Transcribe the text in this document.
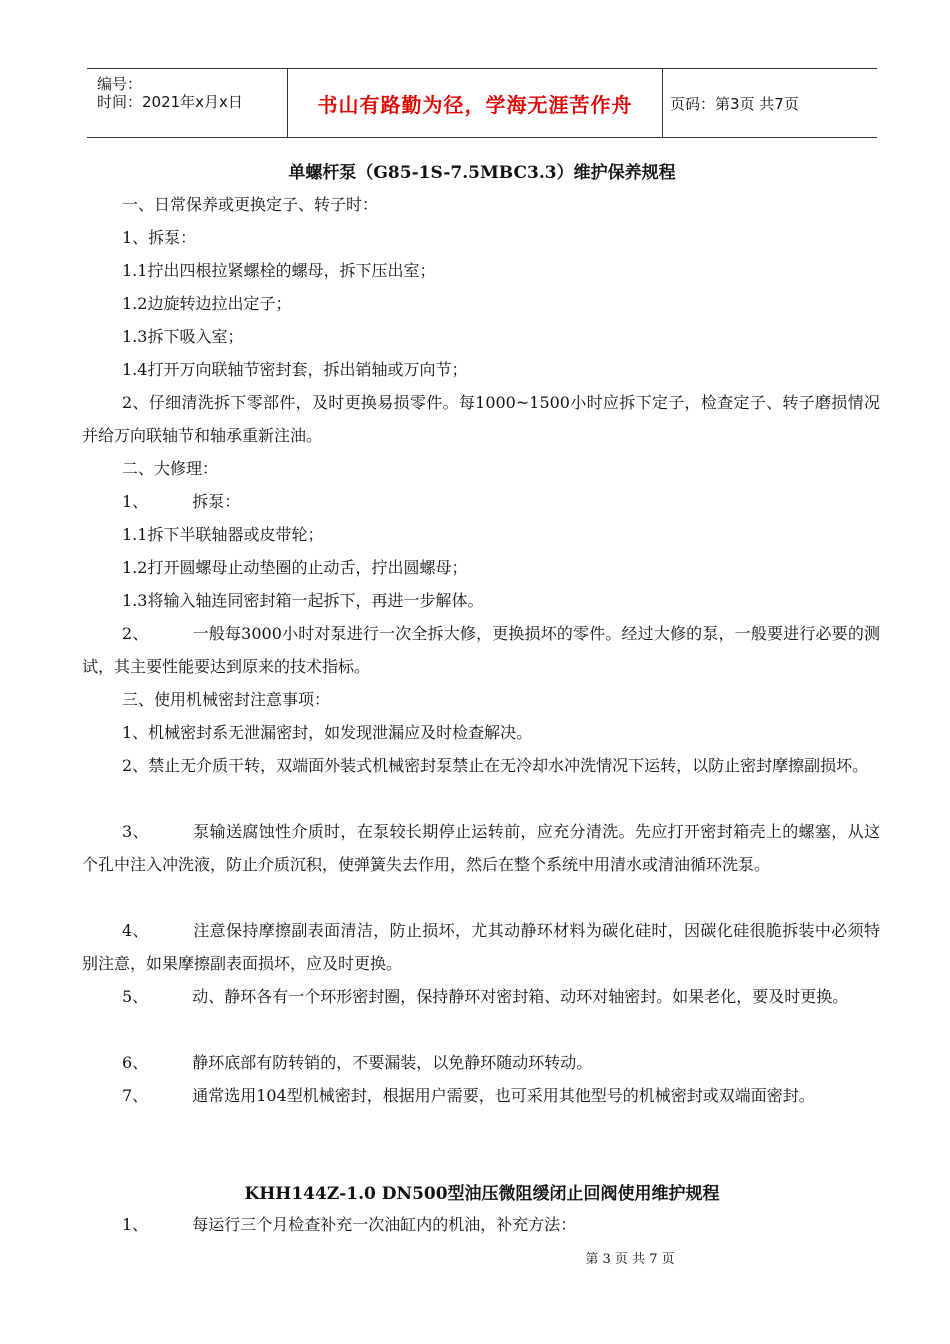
编号：
时间：2021年x月x日	书山有路勤为径，学海无涯苦作舟	页码：第3页 共7页
单螺杆泵（G85-1S-7.5MBC3.3）维护保养规程
一、日常保养或更换定子、转子时：
1、拆泵：
1.1拧出四根拉紧螺栓的螺母，拆下压出室；
1.2边旋转边拉出定子；
1.3拆下吸入室；
1.4打开万向联轴节密封套，拆出销轴或万向节；
2、仔细清洗拆下零部件，及时更换易损零件。每1000~1500小时应拆下定子，检查定子、转子磨损情况并给万向联轴节和轴承重新注油。
二、大修理：
1、	拆泵：
1.1拆下半联轴器或皮带轮；
1.2打开圆螺母止动垫圈的止动舌，拧出圆螺母；
1.3将输入轴连同密封箱一起拆下，再进一步解体。
2、	一般每3000小时对泵进行一次全拆大修，更换损坏的零件。经过大修的泵，一般要进行必要的测试，其主要性能要达到原来的技术指标。
三、使用机械密封注意事项：
1、机械密封系无泄漏密封，如发现泄漏应及时检查解决。
2、禁止无介质干转，双端面外装式机械密封泵禁止在无冷却水冲洗情况下运转，以防止密封摩擦副损坏。
3、	泵输送腐蚀性介质时，在泵较长期停止运转前，应充分清洗。先应打开密封箱壳上的螺塞，从这个孔中注入冲洗液，防止介质沉积，使弹簧失去作用，然后在整个系统中用清水或清油循环洗泵。
4、	注意保持摩擦副表面清洁，防止损坏，尤其动静环材料为碳化硅时，因碳化硅很脆拆装中必须特别注意，如果摩擦副表面损坏，应及时更换。
5、	动、静环各有一个环形密封圈，保持静环对密封箱、动环对轴密封。如果老化，要及时更换。
6、	静环底部有防转销的，不要漏装，以免静环随动环转动。
7、	通常选用104型机械密封，根据用户需要，也可采用其他型号的机械密封或双端面密封。
KHH144Z-1.0 DN500型油压微阻缓闭止回阀使用维护规程
1、	每运行三个月检查补充一次油缸内的机油，补充方法：
第 3 页 共 7 页
